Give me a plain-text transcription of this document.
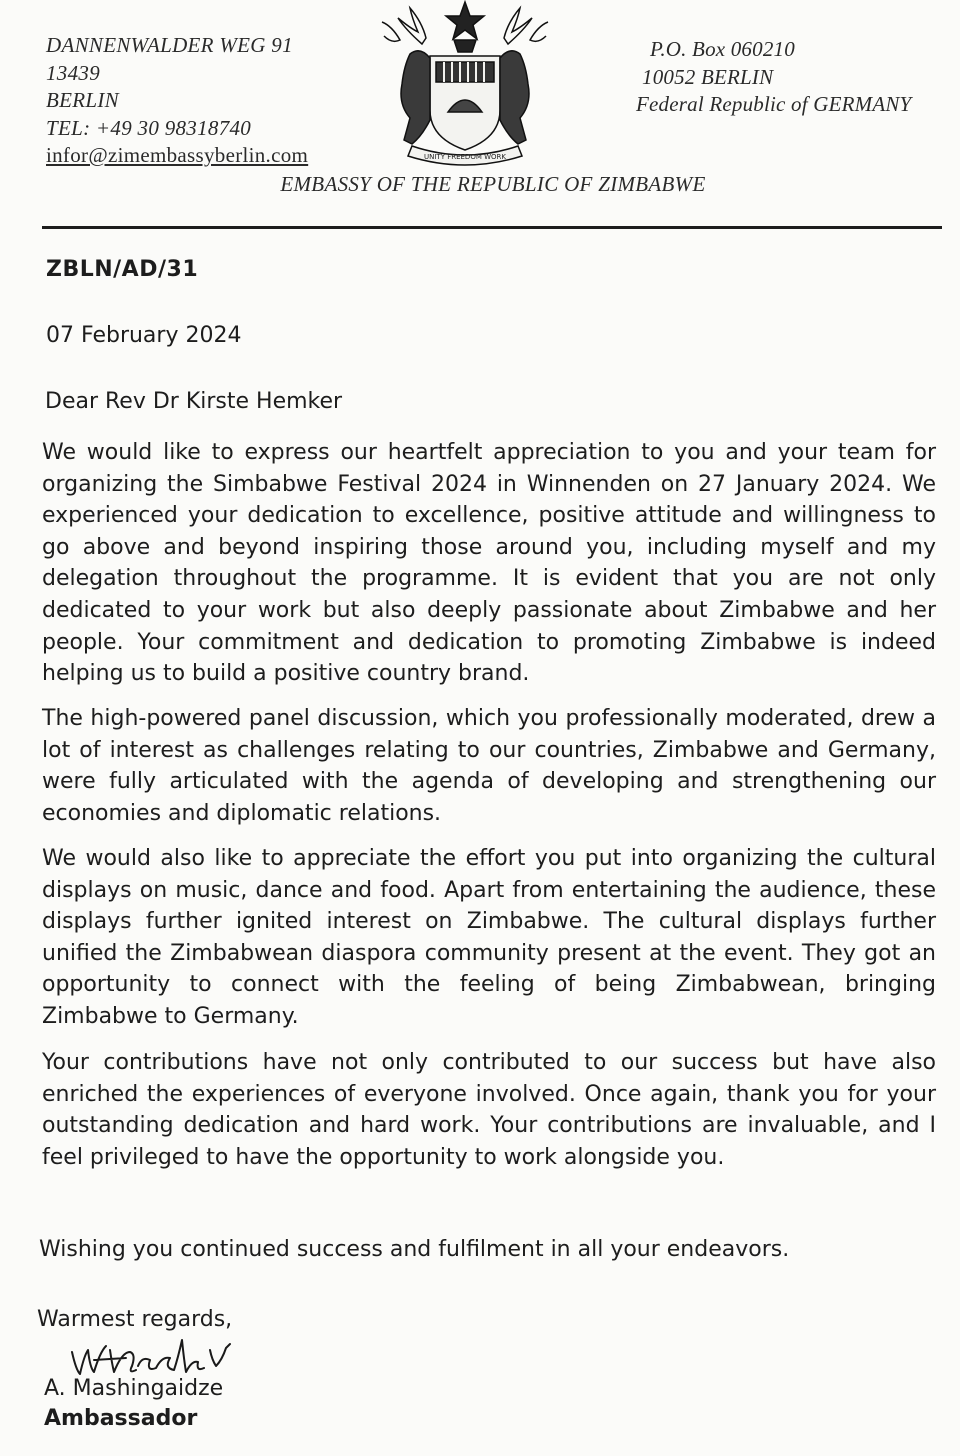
DANNENWALDER WEG 91
13439
BERLIN
TEL: +49 30 98318740
infor@zimembassyberlin.com	UNITY FREEDOM WORK
P.O. Box 060210
10052 BERLIN
Federal Republic of GERMANY
EMBASSY OF THE REPUBLIC OF ZIMBABWE
ZBLN/AD/31
07 February 2024
Dear Rev Dr Kirste Hemker

We would like to express our heartfelt appreciation to you and your team for organizing the Simbabwe Festival 2024 in Winnenden on 27 January 2024. We experienced your dedication to excellence, positive attitude and willingness to go above and beyond inspiring those around you, including myself and my delegation throughout the programme. It is evident that you are not only dedicated to your work but also deeply passionate about Zimbabwe and her people. Your commitment and dedication to promoting Zimbabwe is indeed helping us to build a positive country brand.

The high-powered panel discussion, which you professionally moderated, drew a lot of interest as challenges relating to our countries, Zimbabwe and Germany, were fully articulated with the agenda of developing and strengthening our economies and diplomatic relations.

We would also like to appreciate the effort you put into organizing the cultural displays on music, dance and food. Apart from entertaining the audience, these displays further ignited interest on Zimbabwe. The cultural displays further unified the Zimbabwean diaspora community present at the event. They got an opportunity to connect with the feeling of being Zimbabwean, bringing Zimbabwe to Germany.

Your contributions have not only contributed to our success but have also enriched the experiences of everyone involved. Once again, thank you for your outstanding dedication and hard work. Your contributions are invaluable, and I feel privileged to have the opportunity to work alongside you.

Wishing you continued success and fulfilment in all your endeavors.
Warmest regards,
A. Mashingaidze
Ambassador
